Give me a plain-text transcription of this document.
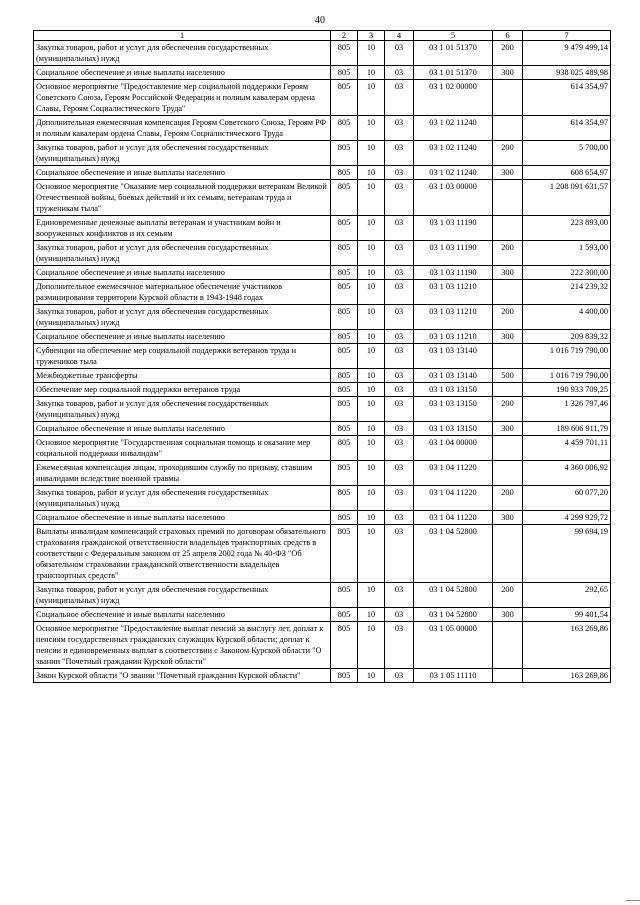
40
1	2	3	4	5	6	7
Закупка товаров, работ и услуг для обеспечения государственных (муниципальных) нужд	805	10	03	03 1 01 51370	200	9 479 499,14
Социальное обеспечение и иные выплаты населению	805	10	03	03 1 01 51370	300	938 025 489,98
Основное мероприятие "Предоставление мер социальной поддержки Героям Советского Союза, Героям Российской Федерации и полным кавалерам ордена Славы, Героям Социалистического Труда"	805	10	03	03 1 02 00000		614 354,97
Дополнительная ежемесячная компенсация Героям Советского Союза, Героям РФ и полным кавалерам ордена Славы, Героям Социалистического Труда	805	10	03	03 1 02 11240		614 354,97
Закупка товаров, работ и услуг для обеспечения государственных (муниципальных) нужд	805	10	03	03 1 02 11240	200	5 700,00
Социальное обеспечение и иные выплаты населению	805	10	03	03 1 02 11240	300	608 654,97
Основное мероприятие "Оказание мер социальной поддержки ветеранам Великой Отечественной войны, боевых действий и их семьям, ветеранам труда и труженикам тыла"	805	10	03	03 1 03 00000		1 208 091 631,57
Единовременные денежные выплаты ветеранам и участникам войн и вооруженных конфликтов и их семьям	805	10	03	03 1 03 11190		223 893,00
Закупка товаров, работ и услуг для обеспечения государственных (муниципальных) нужд	805	10	03	03 1 03 11190	200	1 593,00
Социальное обеспечение и иные выплаты населению	805	10	03	03 1 03 11190	300	222 300,00
Дополнительное ежемесячное материальное обеспечение участников разминирования территории Курской области в 1943-1948 годах	805	10	03	03 1 03 11210		214 239,32
Закупка товаров, работ и услуг для обеспечения государственных (муниципальных) нужд	805	10	03	03 1 03 11210	200	4 400,00
Социальное обеспечение и иные выплаты населению	805	10	03	03 1 03 11210	300	209 839,32
Субвенции на обеспечение мер социальной поддержки ветеранов труда и тружеников тыла	805	10	03	03 1 03 13140		1 016 719 790,00
Межбюджетные трансферты	805	10	03	03 1 03 13140	500	1 016 719 790,00
Обеспечение мер социальной поддержки ветеранов труда	805	10	03	03 1 03 13150		190 933 709,25
Закупка товаров, работ и услуг для обеспечения государственных (муниципальных) нужд	805	10	03	03 1 03 13150	200	1 326 797,46
Социальное обеспечение и иные выплаты населению	805	10	03	03 1 03 13150	300	189 606 911,79
Основное мероприятие "Государственная социальная помощь и оказание мер социальной поддержки инвалидам"	805	10	03	03 1 04 00000		4 459 701,11
Ежемесячная компенсация лицам, проходившим службу по призыву, ставшим инвалидами вследствие военной травмы	805	10	03	03 1 04 11220		4 360 006,92
Закупка товаров, работ и услуг для обеспечения государственных (муниципальных) нужд	805	10	03	03 1 04 11220	200	60 077,20
Социальное обеспечение и иные выплаты населению	805	10	03	03 1 04 11220	300	4 299 929,72
Выплаты инвалидам компенсаций страховых премий по договорам обязательного страхования гражданской ответственности владельцев транспортных средств в соответствии с Федеральным законом от 25 апреля 2002 года № 40-ФЗ "Об обязательном страховании гражданской ответственности владельцев транспортных средств"	805	10	03	03 1 04 52800		99 694,19
Закупка товаров, работ и услуг для обеспечения государственных (муниципальных) нужд	805	10	03	03 1 04 52800	200	292,65
Социальное обеспечение и иные выплаты населению	805	10	03	03 1 04 52800	300	99 401,54
Основное мероприятие "Предоставление выплат пенсий за выслугу лет, доплат к пенсиям государственных гражданских служащих Курской области; доплат к пенсии и единовременных выплат в соответствии с Законом Курской области "О звании "Почетный гражданин Курской области"	805	10	03	03 1 05 00000		163 269,86
Закон Курской области "О звании "Почетный гражданин Курской области"	805	10	03	03 1 05 11110		163 269,86
